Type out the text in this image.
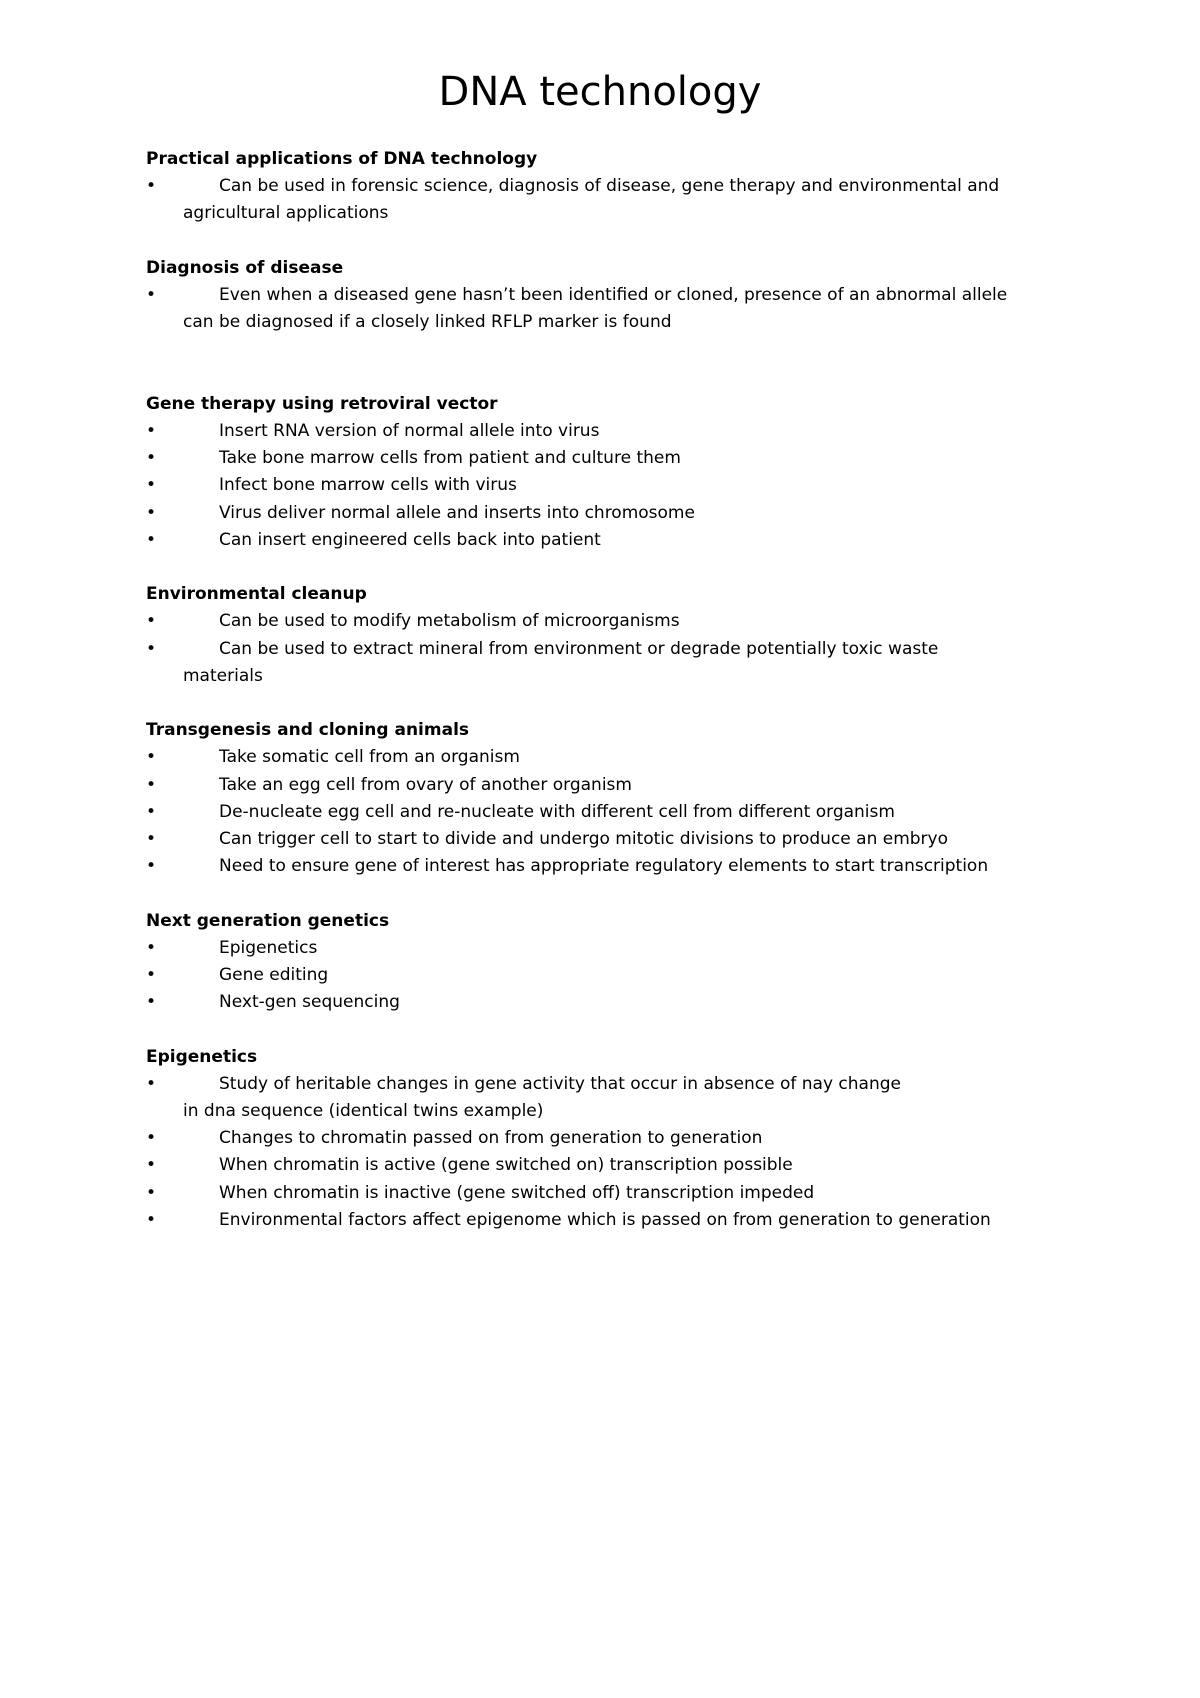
DNA technology
Practical applications of DNA technology
•	Can be used in forensic science, diagnosis of disease, gene therapy and environmental and
agricultural applications
Diagnosis of disease
•	Even when a diseased gene hasn’t been identified or cloned, presence of an abnormal allele
can be diagnosed if a closely linked RFLP marker is found
Gene therapy using retroviral vector
•	Insert RNA version of normal allele into virus
•	Take bone marrow cells from patient and culture them
•	Infect bone marrow cells with virus
•	Virus deliver normal allele and inserts into chromosome
•	Can insert engineered cells back into patient
Environmental cleanup
•	Can be used to modify metabolism of microorganisms
•	Can be used to extract mineral from environment or degrade potentially toxic waste
materials
Transgenesis and cloning animals
•	Take somatic cell from an organism
•	Take an egg cell from ovary of another organism
•	De-nucleate egg cell and re-nucleate with different cell from different organism
•	Can trigger cell to start to divide and undergo mitotic divisions to produce an embryo
•	Need to ensure gene of interest has appropriate regulatory elements to start transcription
Next generation genetics
•	Epigenetics
•	Gene editing
•	Next-gen sequencing
Epigenetics
•	Study of heritable changes in gene activity that occur in absence of nay change
in dna sequence (identical twins example)
•	Changes to chromatin passed on from generation to generation
•	When chromatin is active (gene switched on) transcription possible
•	When chromatin is inactive (gene switched off) transcription impeded
•	Environmental factors affect epigenome which is passed on from generation to generation
